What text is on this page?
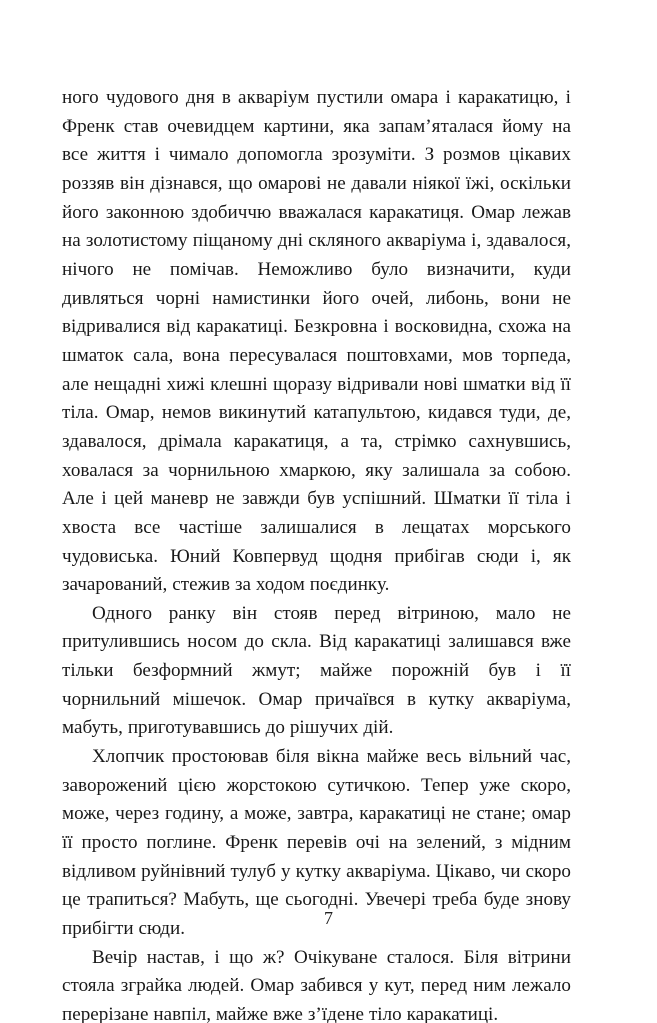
ного чудового дня в акваріум пустили омара і каракатицю, і Френк став очевидцем картини, яка запам’яталася йому на все життя і чимало допомогла зрозуміти. З розмов цікавих роззяв він дізнався, що омарові не давали ніякої їжі, оскільки його законною здобиччю вважалася каракатиця. Омар лежав на золотистому піщаному дні скляного акваріума і, здавалося, нічого не помічав. Неможливо було визначити, куди дивляться чорні намистинки його очей, либонь, вони не відривалися від каракатиці. Безкровна і восковидна, схожа на шматок сала, вона пересувалася поштовхами, мов торпеда, але нещадні хижі клешні щоразу відривали нові шматки від її тіла. Омар, немов викинутий катапультою, кидався туди, де, здавалося, дрімала каракатиця, а та, стрімко сахнувшись, ховалася за чорнильною хмаркою, яку залишала за собою. Але і цей маневр не завжди був успішний. Шматки її тіла і хвоста все частіше залишалися в лещатах морського чудовиська. Юний Ковпервуд щодня прибігав сюди і, як зачарований, стежив за ходом поєдинку.

Одного ранку він стояв перед вітриною, мало не притулившись носом до скла. Від каракатиці залишався вже тільки безформний жмут; майже порожній був і її чорнильний мішечок. Омар причаївся в кутку акваріума, мабуть, приготувавшись до рішучих дій.

Хлопчик простоював біля вікна майже весь вільний час, заворожений цією жорстокою сутичкою. Тепер уже скоро, може, через годину, а може, завтра, каракатиці не стане; омар її просто поглине. Френк перевів очі на зелений, з мідним відливом руйнівний тулуб у кутку акваріума. Цікаво, чи скоро це трапиться? Мабуть, ще сьогодні. Увечері треба буде знову прибігти сюди.

Вечір настав, і що ж? Очікуване сталося. Біля вітрини стояла зграйка людей. Омар забився у кут, перед ним лежало перерізане навпіл, майже вже з’їдене тіло каракатиці.

7
